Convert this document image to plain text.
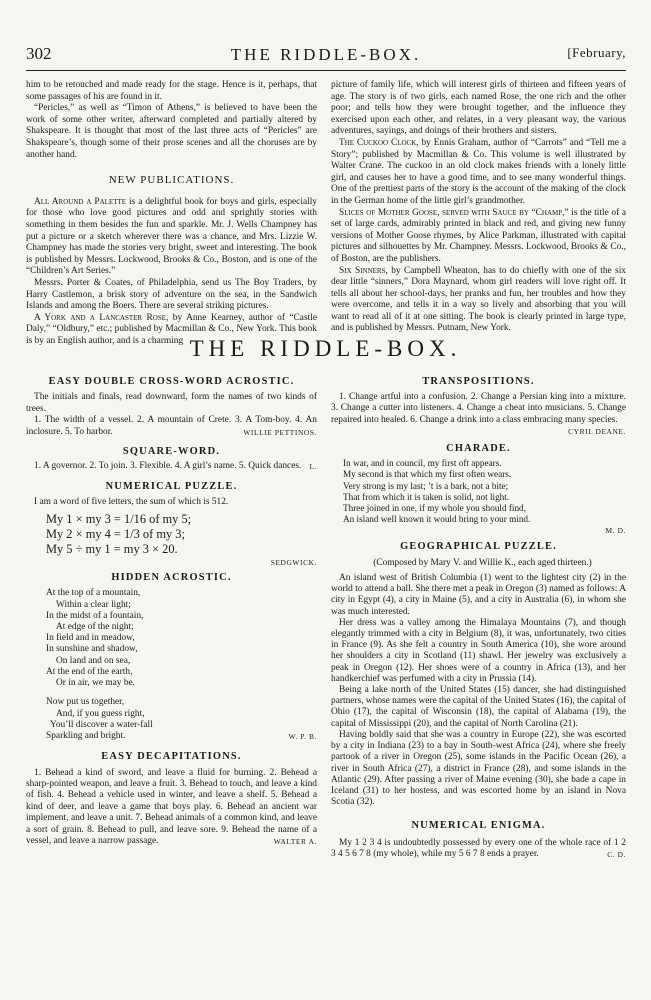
302	THE RIDDLE-BOX.	[February,

him to be retouched and made ready for the stage. Hence is it, perhaps, that some passages of his are found in it.

“Pericles,” as well as “Timon of Athens,” is believed to have been the work of some other writer, afterward completed and partially altered by Shakspeare. It is thought that most of the last three acts of “Pericles” are Shakspeare’s, though some of their prose scenes and all the choruses are by another hand.

NEW PUBLICATIONS.

All Around a Palette is a delightful book for boys and girls, especially for those who love good pictures and odd and sprightly stories with something in them besides the fun and sparkle. Mr. J. Wells Champney has put a picture or a sketch wherever there was a chance, and Mrs. Lizzie W. Champney has made the stories very bright, sweet and interesting. The book is published by Messrs. Lockwood, Brooks & Co., Boston, and is one of the “Children’s Art Series.”

Messrs. Porter & Coates, of Philadelphia, send us The Boy Traders, by Harry Castlemon, a brisk story of adventure on the sea, in the Sandwich Islands and among the Boers. There are several striking pictures.

A York and a Lancaster Rose, by Anne Kearney, author of “Castle Daly,” “Oldbury,” etc.; published by Macmillan & Co., New York. This book is by an English author, and is a charming

picture of family life, which will interest girls of thirteen and fifteen years of age. The story is of two girls, each named Rose, the one rich and the other poor; and tells how they were brought together, and the influence they exercised upon each other, and relates, in a very pleasant way, the various adventures, sayings, and doings of their brothers and sisters.

The Cuckoo Clock, by Ennis Graham, author of “Carrots” and “Tell me a Story”; published by Macmillan & Co. This volume is well illustrated by Walter Crane. The cuckoo in an old clock makes friends with a lonely little girl, and causes her to have a good time, and to see many wonderful things. One of the prettiest parts of the story is the account of the making of the clock in the German home of the little girl’s grandmother.

Slices of Mother Goose, served with Sauce by “Champ,” is the title of a set of large cards, admirably printed in black and red, and giving new funny versions of Mother Goose rhymes, by Alice Parkman, illustrated with capital pictures and silhouettes by Mr. Champney. Messrs. Lockwood, Brooks & Co., of Boston, are the publishers.

Six Sinners, by Campbell Wheaton, has to do chiefly with one of the six dear little “sinners,” Dora Maynard, whom girl readers will love right off. It tells all about her school-days, her pranks and fun, her troubles and how they were overcome, and tells it in a way so lively and absorbing that you will want to read all of it at one sitting. The book is clearly printed in large type, and is published by Messrs. Putnam, New York.

THE RIDDLE-BOX.
EASY DOUBLE CROSS-WORD ACROSTIC.

The initials and finals, read downward, form the names of two kinds of trees.

1. The width of a vessel. 2. A mountain of Crete. 3. A Tom-boy. 4. An inclosure. 5. To harbor.	WILLIE PETTINOS.

SQUARE-WORD.

1. A governor. 2. To join. 3. Flexible. 4. A girl’s name. 5. Quick dances.	L.

NUMERICAL PUZZLE.

I am a word of five letters, the sum of which is 512.

My 1 × my 3 = 1/16 of my 5;
My 2 × my 4 = 1/3 of my 3;
My 5 ÷ my 1 = my 3 × 20.

SEDGWICK.

HIDDEN ACROSTIC.
At the top of a mountain,
Within a clear light;
In the midst of a fountain,
At edge of the night;
In field and in meadow,
In sunshine and shadow,
On land and on sea,
At the end of the earth,
Or in air, we may be.
Now put us together,
And, if you guess right,
You’ll discover a water-fall
Sparkling and bright.	W. P. B.
EASY DECAPITATIONS.

1. Behead a kind of sword, and leave a fluid for burning. 2. Behead a sharp-pointed weapon, and leave a fruit. 3. Behead to touch, and leave a kind of fish. 4. Behead a vehicle used in winter, and leave a shelf. 5. Behead a kind of deer, and leave a game that boys play. 6. Behead an ancient war implement, and leave a unit. 7. Behead animals of a common kind, and leave a sort of grain. 8. Behead to pull, and leave sore. 9. Behead the name of a vessel, and leave a narrow passage.	WALTER A.

TRANSPOSITIONS.

1. Change artful into a confusion. 2. Change a Persian king into a mixture. 3. Change a cutter into listeners. 4. Change a cheat into musicians. 5. Change repaired into healed. 6. Change a drink into a class embracing many species.
CYRIL DEANE.

CHARADE.
In war, and in council, my first oft appears.
My second is that which my first often wears.
Very strong is my last; ’t is a bark, not a bite;
That from which it is taken is solid, not light.
Three joined in one, if my whole you should find,
An island well known it would bring to your mind.
M. D.
GEOGRAPHICAL PUZZLE.

(Composed by Mary V. and Willie K., each aged thirteen.)

An island west of British Columbia (1) went to the lightest city (2) in the world to attend a ball. She there met a peak in Oregon (3) named as follows: A city in Egypt (4), a city in Maine (5), and a city in Australia (6), in whom she was much interested.

Her dress was a valley among the Himalaya Mountains (7), and though elegantly trimmed with a city in Belgium (8), it was, unfortunately, two cities in France (9). As she felt a country in South America (10), she wore around her shoulders a city in Scotland (11) shawl. Her jewelry was exclusively a peak in Oregon (12). Her shoes were of a country in Africa (13), and her handkerchief was perfumed with a city in Prussia (14).

Being a lake north of the United States (15) dancer, she had distinguished partners, whose names were the capital of the United States (16), the capital of Ohio (17), the capital of Wisconsin (18), the capital of Alabama (19), the capital of Mississippi (20), and the capital of North Carolina (21).

Having boldly said that she was a country in Europe (22), she was escorted by a city in Indiana (23) to a bay in South-west Africa (24), where she freely partook of a river in Oregon (25), some islands in the Pacific Ocean (26), a river in South Africa (27), a district in France (28), and some islands in the Atlantic (29). After passing a river of Maine evening (30), she bade a cape in Iceland (31) to her hostess, and was escorted home by an island in Nova Scotia (32).

NUMERICAL ENIGMA.

My 1 2 3 4 is undoubtedly possessed by every one of the whole race of 1 2 3 4 5 6 7 8 (my whole), while my 5 6 7 8 ends a prayer.	C. D.
